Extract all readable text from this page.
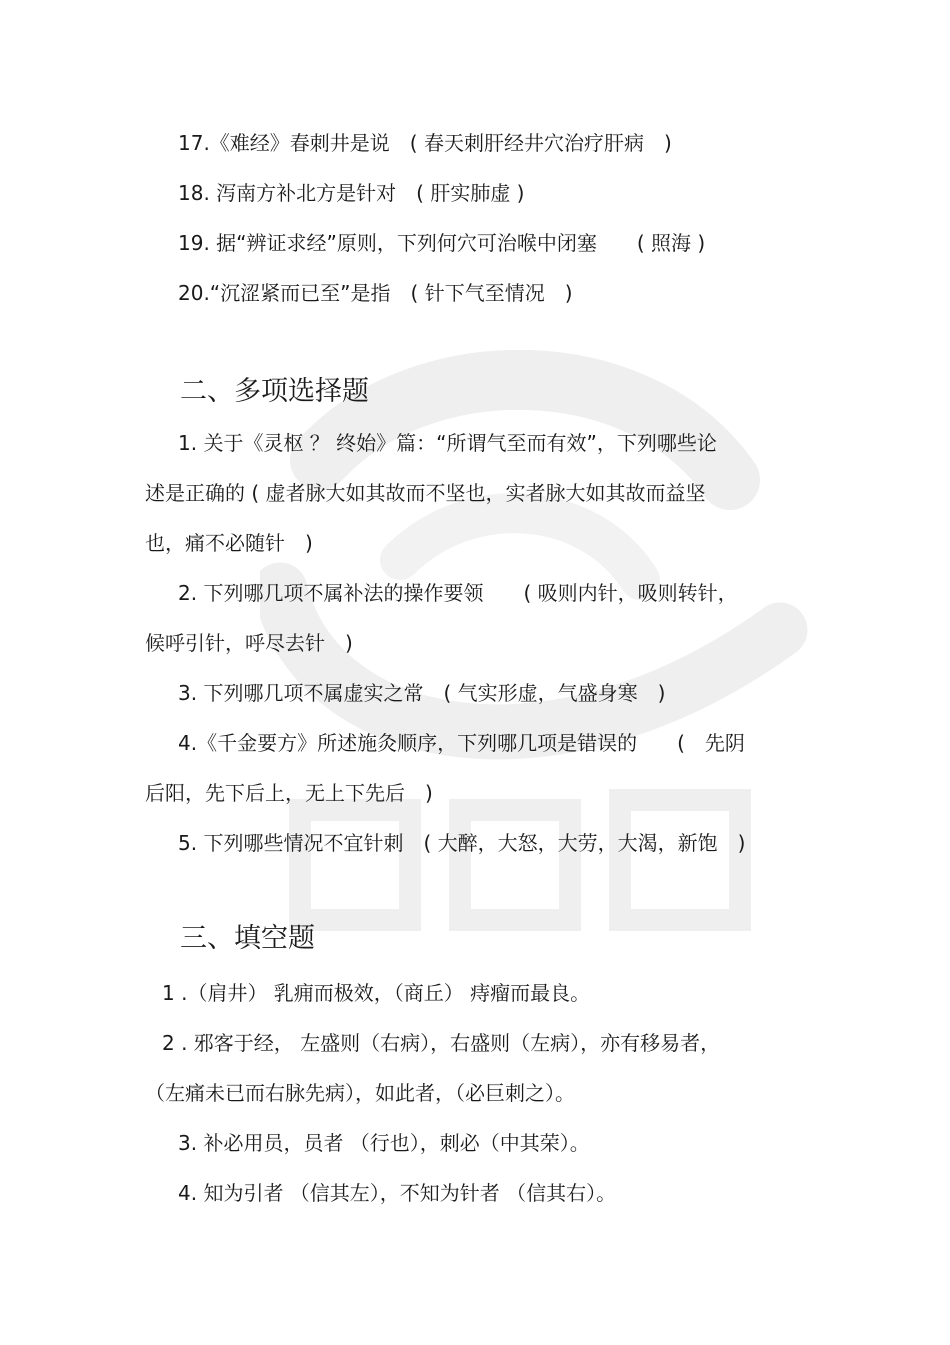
17.《难经》春刺井是说　( 春天刺肝经井穴治疗肝病　)
18. 泻南方补北方是针对　( 肝实肺虚 )
19. 据“辨证求经”原则，下列何穴可治喉中闭塞　　( 照海 )
20.“沉涩紧而已至”是指　( 针下气至情况　)
二、多项选择题
1. 关于《灵枢 ？ 终始》篇：“所谓气至而有效”，下列哪些论
述是正确的 ( 虚者脉大如其故而不坚也，实者脉大如其故而益坚
也，痛不必随针　)
2. 下列哪几项不属补法的操作要领　　( 吸则内针，吸则转针，
候呼引针，呼尽去针　)
3. 下列哪几项不属虚实之常　( 气实形虚，气盛身寒　)
4.《千金要方》所述施灸顺序，下列哪几项是错误的　　(　先阴
后阳，先下后上，无上下先后　)
5. 下列哪些情况不宜针刺　( 大醉，大怒，大劳，大渴，新饱　)
三、填空题
1 .（肩井） 乳痈而极效，（商丘） 痔瘤而最良。
2 . 邪客于经， 左盛则（右病），右盛则（左病），亦有移易者，
（左痛未已而右脉先病），如此者，（必巨刺之）。
3. 补必用员，员者 （行也），刺必（中其荣）。
4. 知为引者 （信其左），不知为针者 （信其右）。
